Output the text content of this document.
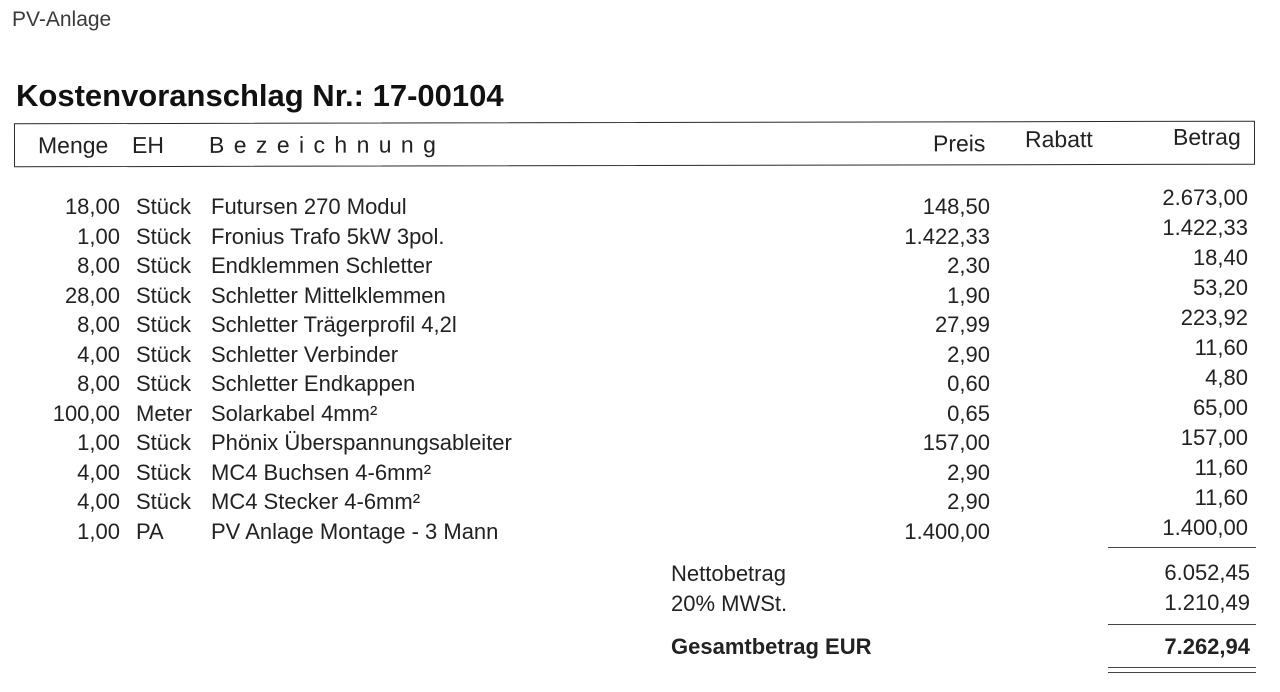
PV-Anlage
Kostenvoranschlag Nr.: 17-00104
Menge EH B e z e i c h n u n g	Preis Rabatt	Betrag
18,00 Stück Futursen 270 Modul	148,50	2.673,00
1,00 Stück Fronius Trafo 5kW 3pol.	1.422,33	1.422,33
8,00 Stück Endklemmen Schletter	2,30	18,40
28,00 Stück Schletter Mittelklemmen	1,90	53,20
8,00 Stück Schletter Trägerprofil 4,2l	27,99	223,92
4,00 Stück Schletter Verbinder	2,90	11,60
8,00 Stück Schletter Endkappen	0,60	4,80
100,00 Meter Solarkabel 4mm²	0,65	65,00
1,00 Stück Phönix Überspannungsableiter	157,00	157,00
4,00 Stück MC4 Buchsen 4-6mm²	2,90	11,60
4,00 Stück MC4 Stecker 4-6mm²	2,90	11,60
1,00 PA PV Anlage Montage - 3 Mann	1.400,00	1.400,00
Nettobetrag	6.052,45
20% MWSt.	1.210,49
Gesamtbetrag EUR	7.262,94
